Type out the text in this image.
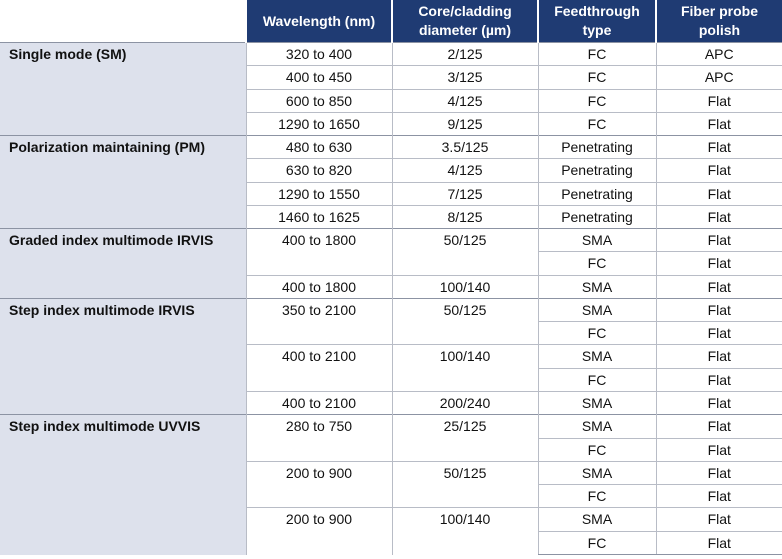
	Wavelength (nm)	Core/cladding diameter (µm)	Feedthrough type	Fiber probe polish
Single mode (SM)	320 to 400	2/125	FC	APC
	400 to 450	3/125	FC	APC
	600 to 850	4/125	FC	Flat
	1290 to 1650	9/125	FC	Flat
Polarization maintaining (PM)	480 to 630	3.5/125	Penetrating	Flat
	630 to 820	4/125	Penetrating	Flat
	1290 to 1550	7/125	Penetrating	Flat
	1460 to 1625	8/125	Penetrating	Flat
Graded index multimode IRVIS	400 to 1800	50/125	SMA	Flat
			FC	Flat
	400 to 1800	100/140	SMA	Flat
Step index multimode IRVIS	350 to 2100	50/125	SMA	Flat
			FC	Flat
	400 to 2100	100/140	SMA	Flat
			FC	Flat
	400 to 2100	200/240	SMA	Flat
Step index multimode UVVIS	280 to 750	25/125	SMA	Flat
			FC	Flat
	200 to 900	50/125	SMA	Flat
			FC	Flat
	200 to 900	100/140	SMA	Flat
			FC	Flat
